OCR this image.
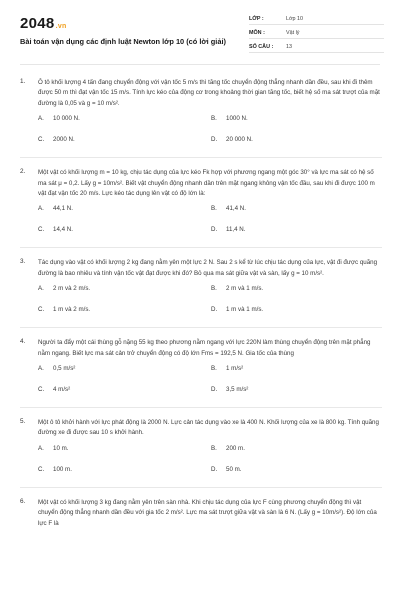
2048.vn
Bài toán vận dụng các định luật Newton lớp 10 (có lời giải)
LỚP :	Lớp 10
MÔN :	Vật lý
SỐ CÂU :	13
1. Ô tô khối lượng 4 tấn đang chuyển động với vận tốc 5 m/s thì tăng tốc chuyển động thẳng nhanh dần đều, sau khi đi thêm được 50 m thì đạt vận tốc 15 m/s. Tính lực kéo của động cơ trong khoảng thời gian tăng tốc, biết hệ số ma sát trượt của mặt đường là 0,05 và g = 10 m/s².
A.	10 000 N.	B.	1000 N.
C.	2000 N.	D.	20 000 N.
2. Một vật có khối lượng m = 10 kg, chịu tác dụng của lực kéo Fk hợp với phương ngang một góc 30° và lực ma sát có hệ số ma sát μ = 0,2. Lấy g = 10m/s². Biết vật chuyển động nhanh dần trên mặt ngang không vận tốc đầu, sau khi đi được 100 m vật đạt vận tốc 20 m/s. Lực kéo tác dụng lên vật có độ lớn là:
A.	44,1 N.	B.	41,4 N.
C.	14,4 N.	D.	11,4 N.
3. Tác dụng vào vật có khối lượng 2 kg đang nằm yên một lực 2 N. Sau 2 s kể từ lúc chịu tác dụng của lực, vật đi được quãng đường là bao nhiêu và tính vận tốc vật đạt được khi đó? Bỏ qua ma sát giữa vật và sàn, lấy g = 10 m/s².
A.	2 m và 2 m/s.	B.	2 m và 1 m/s.
C.	1 m và 2 m/s.	D.	1 m và 1 m/s.
4. Người ta đẩy một cái thùng gỗ nặng 55 kg theo phương nằm ngang với lực 220N làm thùng chuyển động trên mặt phẳng nằm ngang. Biết lực ma sát cản trở chuyển động có độ lớn Fms = 192,5 N. Gia tốc của thùng
A.	0,5 m/s²	B.	1 m/s²
C.	4 m/s²	D.	3,5 m/s²
5. Một ô tô khởi hành với lực phát động là 2000 N. Lực cản tác dụng vào xe là 400 N. Khối lượng của xe là 800 kg. Tính quãng đường xe đi được sau 10 s khởi hành.
A.	10 m.	B.	200 m.
C.	100 m.	D.	50 m.
6. Một vật có khối lượng 3 kg đang nằm yên trên sàn nhà. Khi chịu tác dụng của lực F cùng phương chuyển động thì vật chuyển động thẳng nhanh dần đều với gia tốc 2 m/s². Lực ma sát trượt giữa vật và sàn là 6 N. (Lấy g = 10m/s²). Độ lớn của lực F là
